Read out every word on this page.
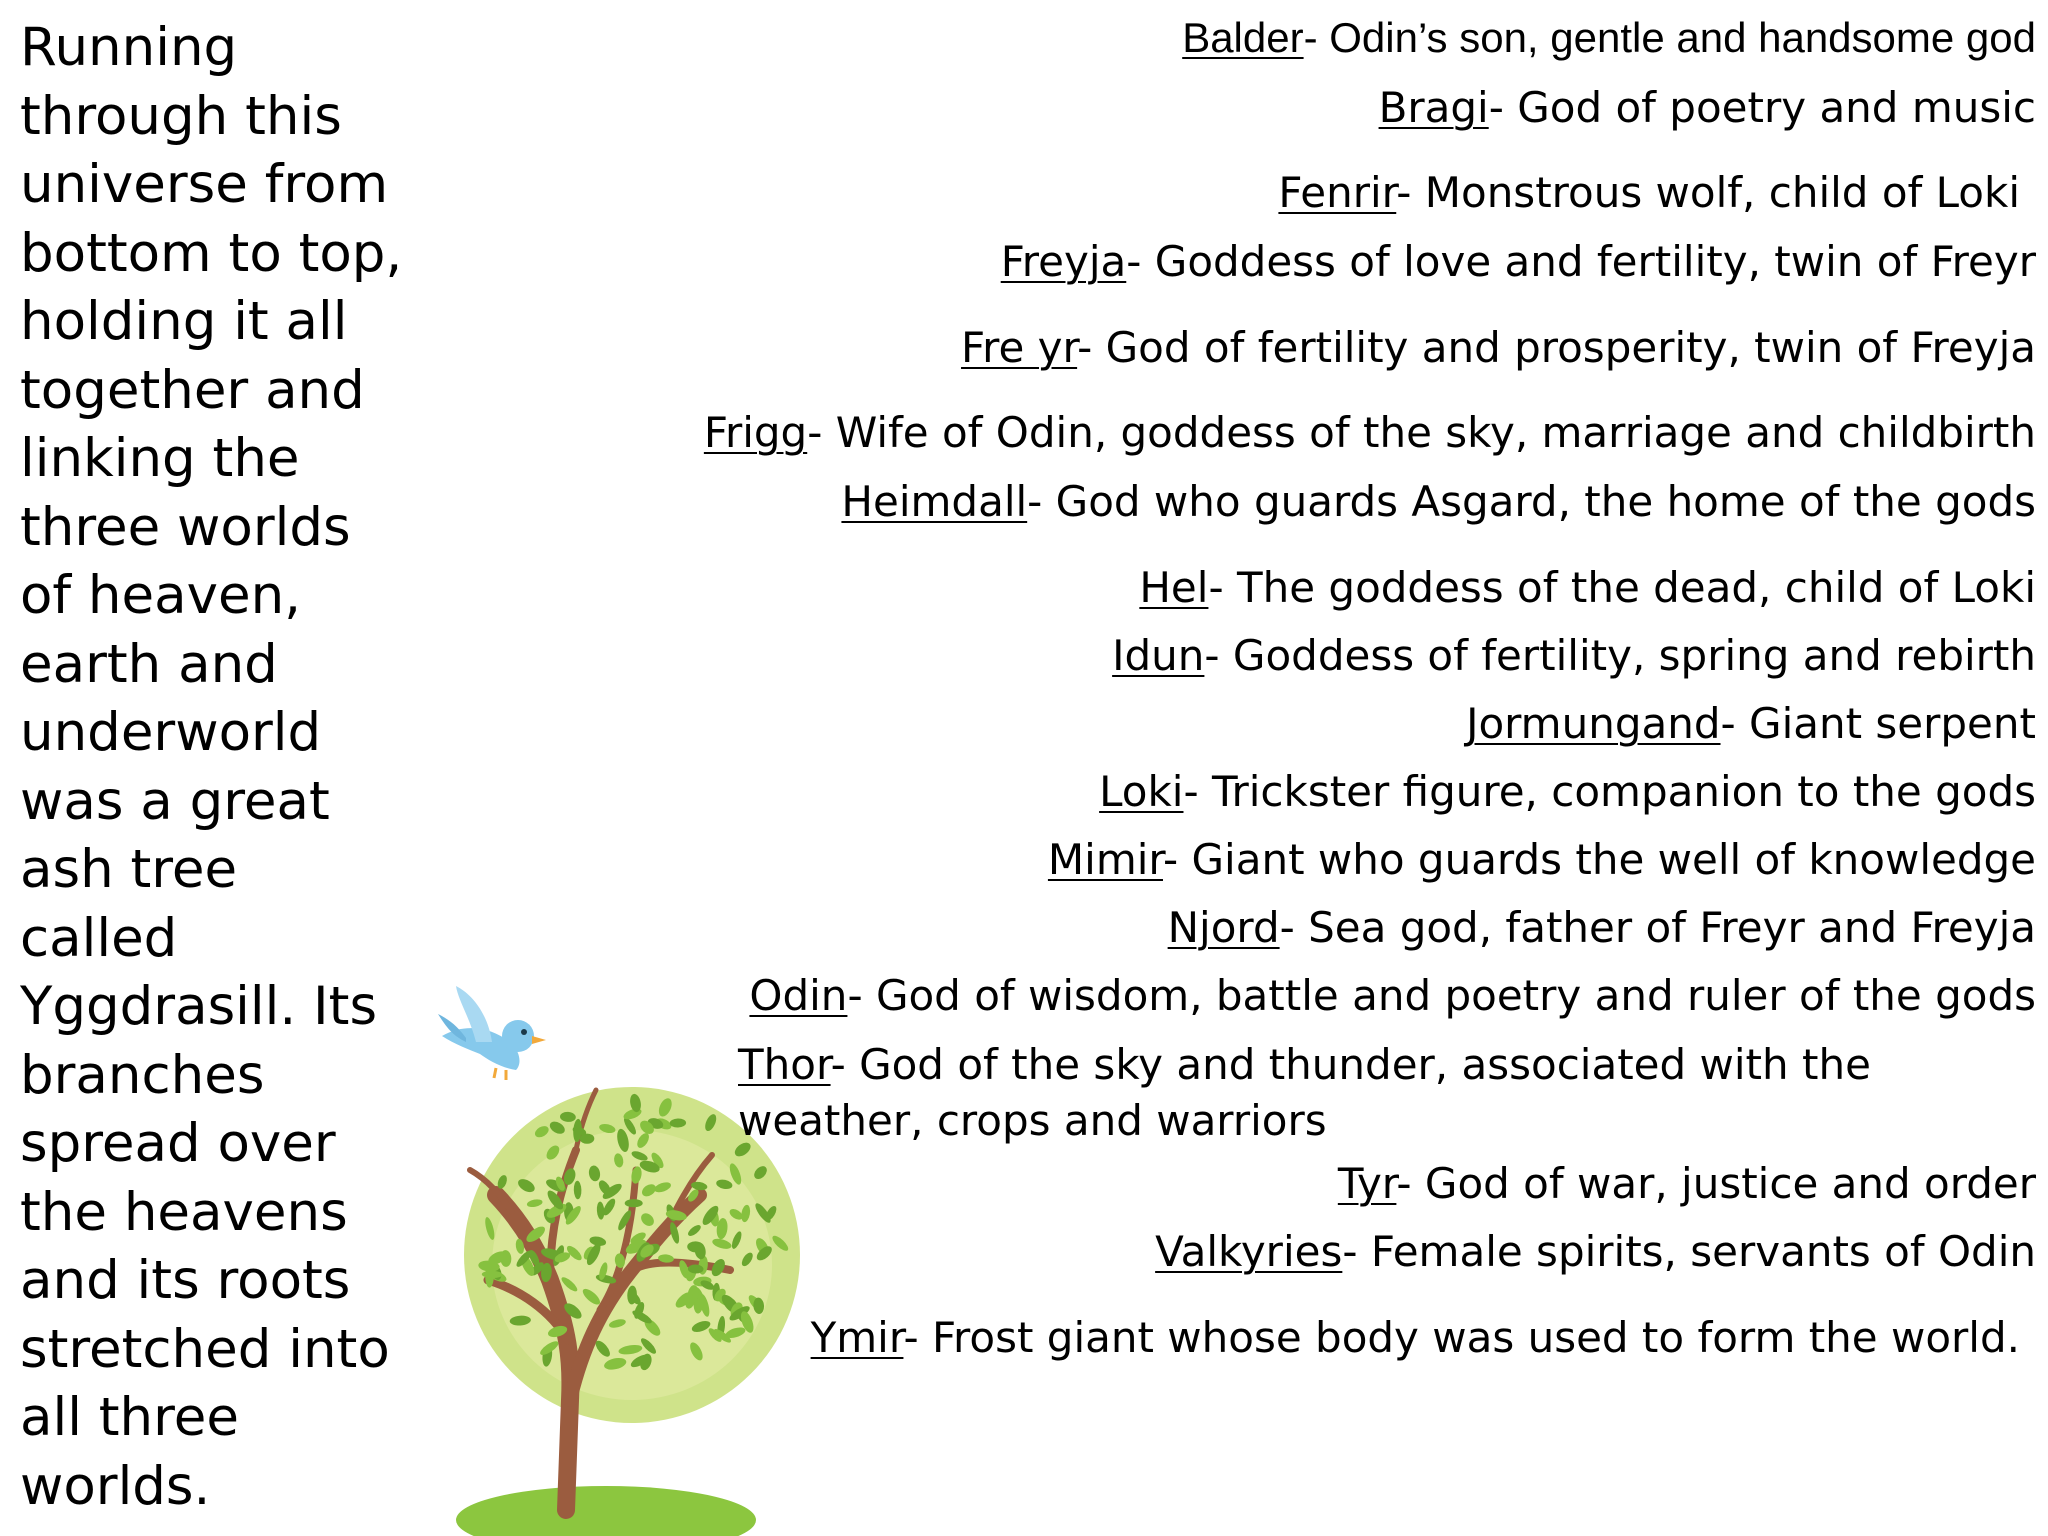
Running
through this
universe from
bottom to top,
holding it all
together and
linking the
three worlds
of heaven,
earth and
underworld
was a great
ash tree
called
Yggdrasill. Its
branches
spread over
the heavens
and its roots
stretched into
all three
worlds.

Balder- Odin’s son, gentle and handsome god

Bragi- God of poetry and music

Fenrir- Monstrous wolf, child of Loki

Freyja- Goddess of love and fertility, twin of Freyr

Fre yr- God of fertility and prosperity, twin of Freyja

Frigg- Wife of Odin, goddess of the sky, marriage and childbirth

Heimdall- God who guards Asgard, the home of the gods

Hel- The goddess of the dead, child of Loki

Idun- Goddess of fertility, spring and rebirth

Jormungand- Giant serpent

Loki- Trickster figure, companion to the gods

Mimir- Giant who guards the well of knowledge

Njord- Sea god, father of Freyr and Freyja

Odin- God of wisdom, battle and poetry and ruler of the gods

Thor- God of the sky and thunder, associated with the weather, crops and warriors

Tyr- God of war, justice and order

Valkyries- Female spirits, servants of Odin

Ymir- Frost giant whose body was used to form the world.
